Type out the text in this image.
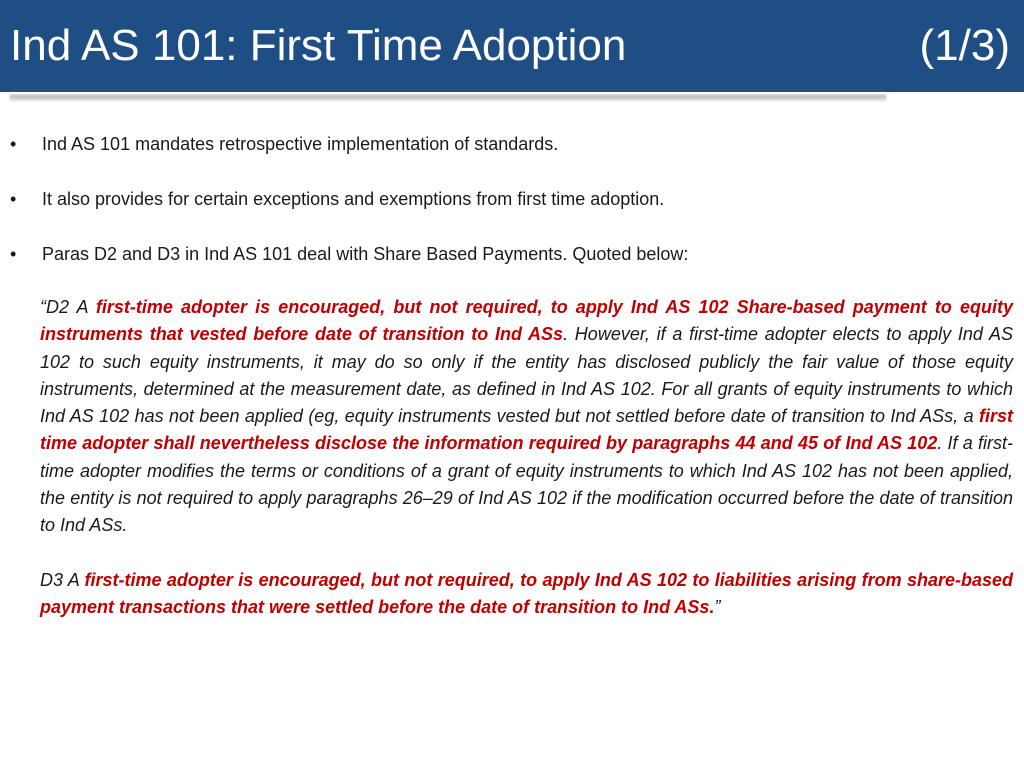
Ind AS 101: First Time Adoption	(1/3)
• Ind AS 101 mandates retrospective implementation of standards.
• It also provides for certain exceptions and exemptions from first time adoption.
• Paras D2 and D3 in Ind AS 101 deal with Share Based Payments. Quoted below:

“D2 A first-time adopter is encouraged, but not required, to apply Ind AS 102 Share-based payment to equity instruments that vested before date of transition to Ind ASs. However, if a first-time adopter elects to apply Ind AS 102 to such equity instruments, it may do so only if the entity has disclosed publicly the fair value of those equity instruments, determined at the measurement date, as defined in Ind AS 102. For all grants of equity instruments to which Ind AS 102 has not been applied (eg, equity instruments vested but not settled before date of transition to Ind ASs, a first time adopter shall nevertheless disclose the information required by paragraphs 44 and 45 of Ind AS 102. If a first-time adopter modifies the terms or conditions of a grant of equity instruments to which Ind AS 102 has not been applied, the entity is not required to apply paragraphs 26–29 of Ind AS 102 if the modification occurred before the date of transition to Ind ASs.

D3 A first-time adopter is encouraged, but not required, to apply Ind AS 102 to liabilities arising from share-based payment transactions that were settled before the date of transition to Ind ASs.”
